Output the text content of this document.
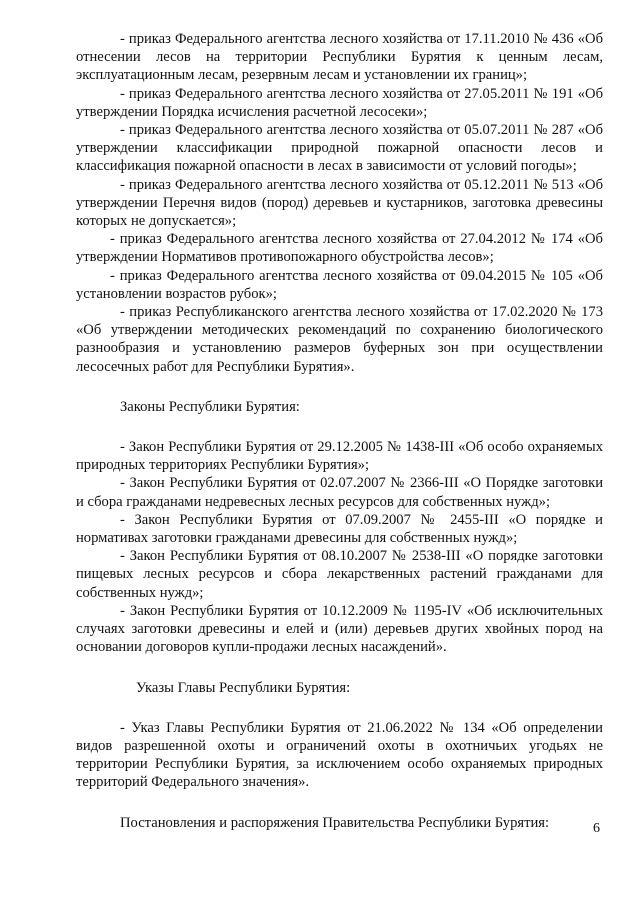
- приказ Федерального агентства лесного хозяйства от 17.11.2010 № 436 «Об отнесении лесов на территории Республики Бурятия к ценным лесам, эксплуатационным лесам, резервным лесам и установлении их границ»;

- приказ Федерального агентства лесного хозяйства от 27.05.2011 № 191 «Об утверждении Порядка исчисления расчетной лесосеки»;

- приказ Федерального агентства лесного хозяйства от 05.07.2011 № 287 «Об утверждении классификации природной пожарной опасности лесов и классификация пожарной опасности в лесах в зависимости от условий погоды»;

- приказ Федерального агентства лесного хозяйства от 05.12.2011 № 513 «Об утверждении Перечня видов (пород) деревьев и кустарников, заготовка древесины которых не допускается»;

- приказ Федерального агентства лесного хозяйства от 27.04.2012 № 174 «Об утверждении Нормативов противопожарного обустройства лесов»;

- приказ Федерального агентства лесного хозяйства от 09.04.2015 № 105 «Об установлении возрастов рубок»;

- приказ Республиканского агентства лесного хозяйства от 17.02.2020 № 173 «Об утверждении методических рекомендаций по сохранению биологического разнообразия и установлению размеров буферных зон при осуществлении лесосечных работ для Республики Бурятия».

Законы Республики Бурятия:

- Закон Республики Бурятия от 29.12.2005 № 1438-III «Об особо охраняемых природных территориях Республики Бурятия»;

- Закон Республики Бурятия от 02.07.2007 № 2366-III «О Порядке заготовки и сбора гражданами недревесных лесных ресурсов для собственных нужд»;

- Закон Республики Бурятия от 07.09.2007 № 2455-III «О порядке и нормативах заготовки гражданами древесины для собственных нужд»;

- Закон Республики Бурятия от 08.10.2007 № 2538-III «О порядке заготовки пищевых лесных ресурсов и сбора лекарственных растений гражданами для собственных нужд»;

- Закон Республики Бурятия от 10.12.2009 № 1195-IV «Об исключительных случаях заготовки древесины и елей и (или) деревьев других хвойных пород на основании договоров купли-продажи лесных насаждений».

Указы Главы Республики Бурятия:

- Указ Главы Республики Бурятия от 21.06.2022 № 134 «Об определении видов разрешенной охоты и ограничений охоты в охотничьих угодьях не территории Республики Бурятия, за исключением особо охраняемых природных территорий Федерального значения».

Постановления и распоряжения Правительства Республики Бурятия:	6
